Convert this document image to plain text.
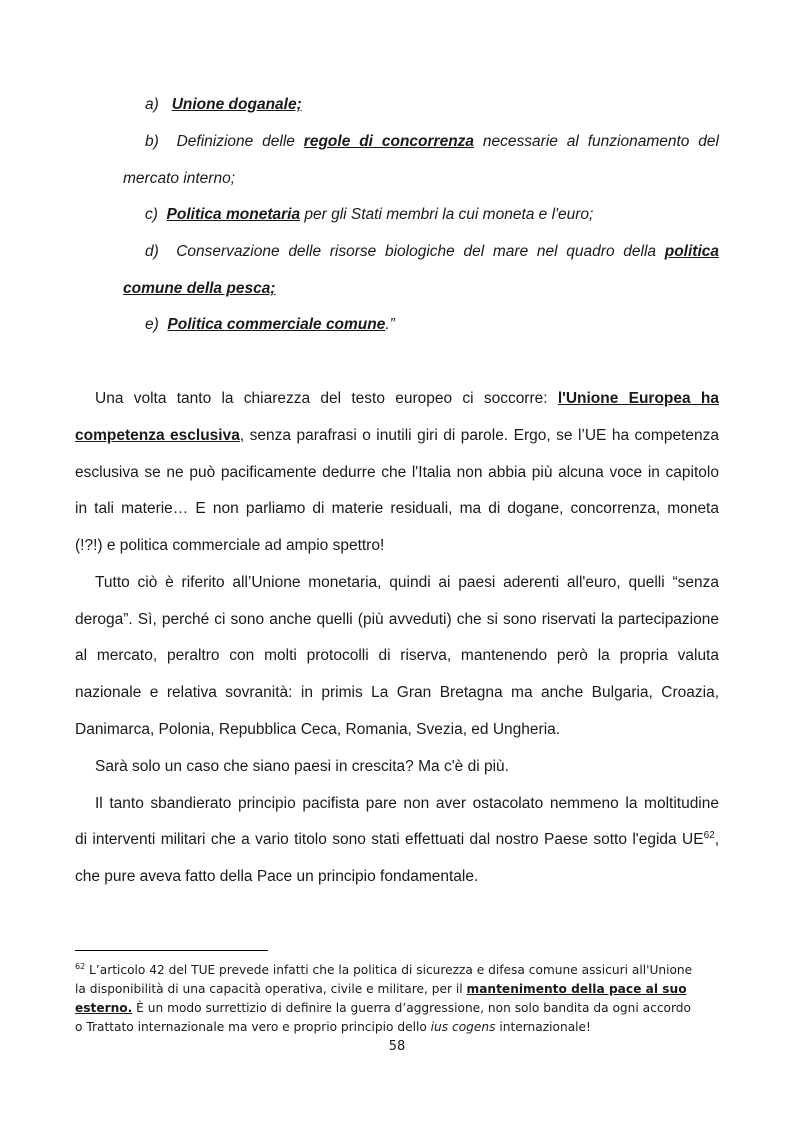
a) Unione doganale;
b) Definizione delle regole di concorrenza necessarie al funzionamento del
mercato interno;
c) Politica monetaria per gli Stati membri la cui moneta e l'euro;
d) Conservazione delle risorse biologiche del mare nel quadro della politica
comune della pesca;
e) Politica commerciale comune.”
Una volta tanto la chiarezza del testo europeo ci soccorre: l'Unione Europea ha
competenza esclusiva, senza parafrasi o inutili giri di parole. Ergo, se l’UE ha competenza
esclusiva se ne può pacificamente dedurre che l'Italia non abbia più alcuna voce in capitolo
in tali materie… E non parliamo di materie residuali, ma di dogane, concorrenza, moneta
(!?!) e politica commerciale ad ampio spettro!
Tutto ciò è riferito all’Unione monetaria, quindi ai paesi aderenti all'euro, quelli “senza
deroga”. Sì, perché ci sono anche quelli (più avveduti) che si sono riservati la partecipazione
al mercato, peraltro con molti protocolli di riserva, mantenendo però la propria valuta
nazionale e relativa sovranità: in primis La Gran Bretagna ma anche Bulgaria, Croazia,
Danimarca, Polonia, Repubblica Ceca, Romania, Svezia, ed Ungheria.
Sarà solo un caso che siano paesi in crescita? Ma c'è di più.
Il tanto sbandierato principio pacifista pare non aver ostacolato nemmeno la moltitudine
di interventi militari che a vario titolo sono stati effettuati dal nostro Paese sotto l'egida UE$^{62}$,
che pure aveva fatto della Pace un principio fondamentale.
$^{62}$ L’articolo 42 del TUE prevede infatti che la politica di sicurezza e difesa comune assicuri all'Unione
la disponibilità di una capacità operativa, civile e militare, per il mantenimento della pace al suo
esterno. È un modo surrettizio di definire la guerra d’aggressione, non solo bandita da ogni accordo
o Trattato internazionale ma vero e proprio principio dello ius cogens internazionale!
58
